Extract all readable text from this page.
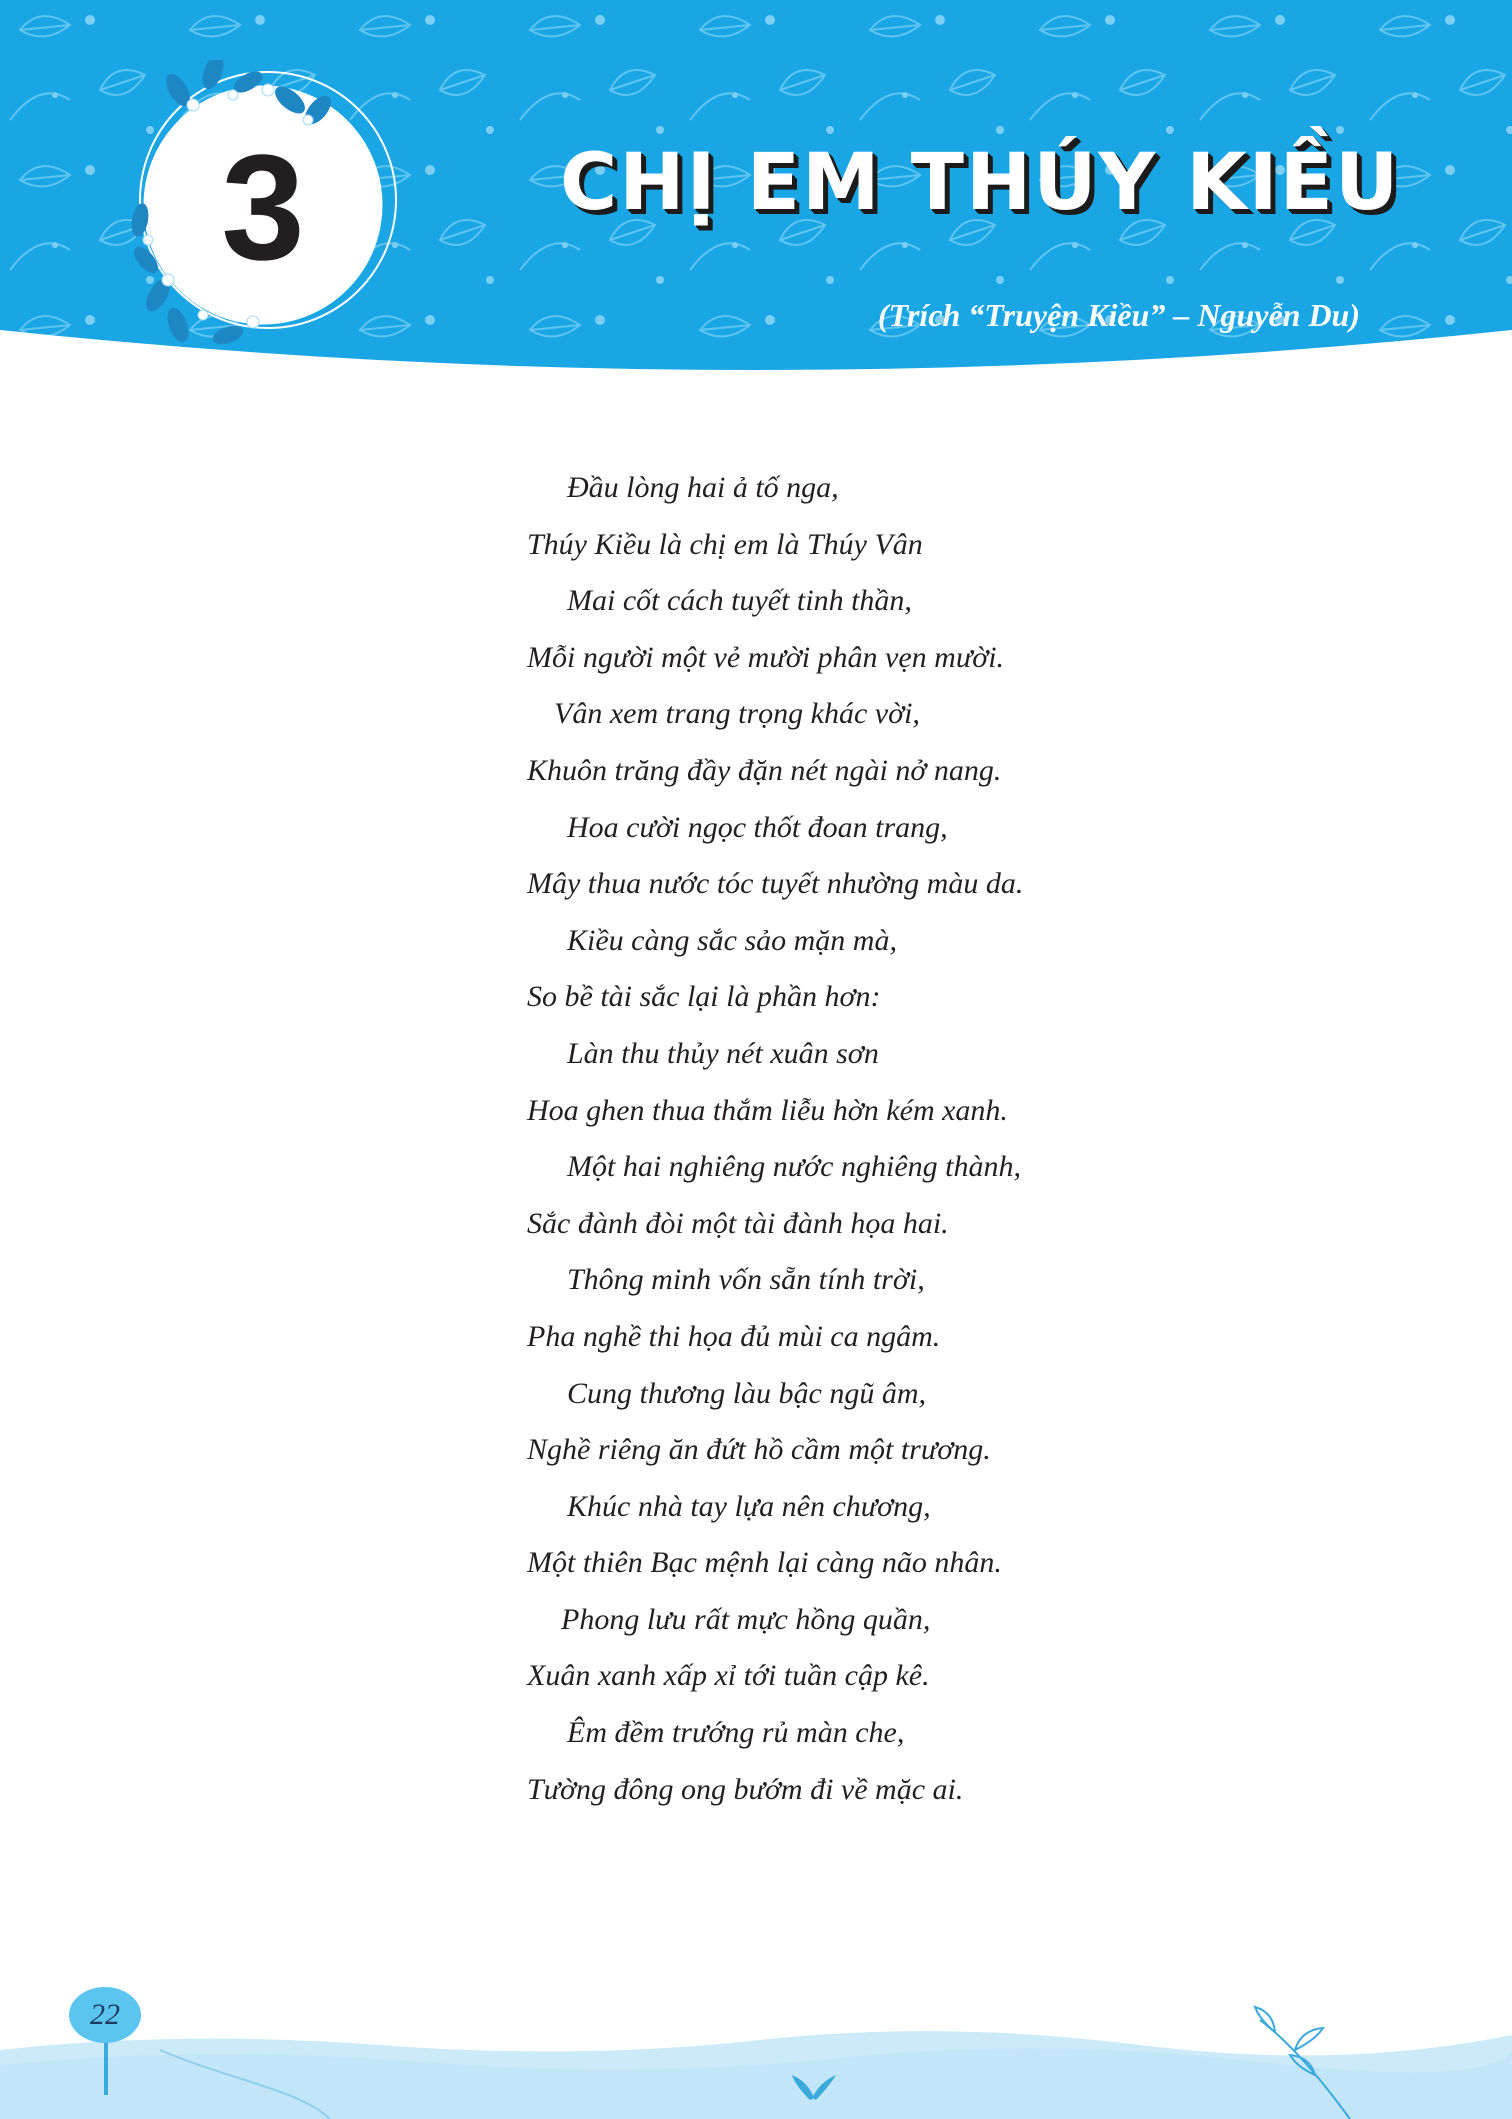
3	CHỊ EM THÚY KIỀU
(Trích “Truyện Kiều” – Nguyễn Du)
Đầu lòng hai ả tố nga,
Thúy Kiều là chị em là Thúy Vân
Mai cốt cách tuyết tinh thần,
Mỗi người một vẻ mười phân vẹn mười.
Vân xem trang trọng khác vời,
Khuôn trăng đầy đặn nét ngài nở nang.
Hoa cười ngọc thốt đoan trang,
Mây thua nước tóc tuyết nhường màu da.
Kiều càng sắc sảo mặn mà,
So bề tài sắc lại là phần hơn:
Làn thu thủy nét xuân sơn
Hoa ghen thua thắm liễu hờn kém xanh.
Một hai nghiêng nước nghiêng thành,
Sắc đành đòi một tài đành họa hai.
Thông minh vốn sẵn tính trời,
Pha nghề thi họa đủ mùi ca ngâm.
Cung thương làu bậc ngũ âm,
Nghề riêng ăn đứt hồ cầm một trương.
Khúc nhà tay lựa nên chương,
Một thiên Bạc mệnh lại càng não nhân.
Phong lưu rất mực hồng quần,
Xuân xanh xấp xỉ tới tuần cập kê.
Êm đềm trướng rủ màn che,
Tường đông ong bướm đi về mặc ai.
22
